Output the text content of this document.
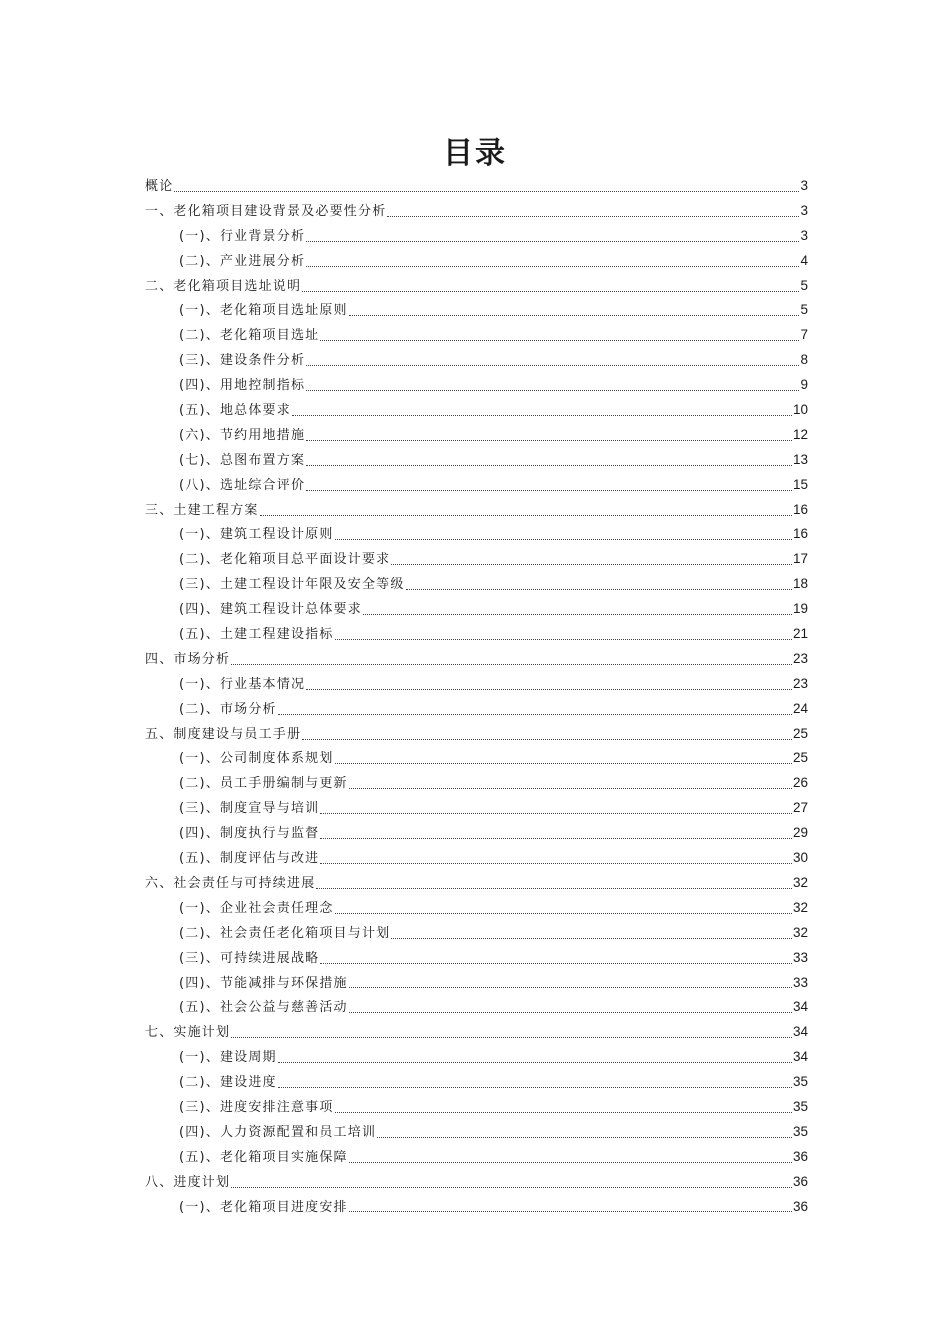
目录
概论	3
一、老化箱项目建设背景及必要性分析	3
(一)、行业背景分析	3
(二)、产业进展分析	4
二、老化箱项目选址说明	5
(一)、老化箱项目选址原则	5
(二)、老化箱项目选址	7
(三)、建设条件分析	8
(四)、用地控制指标	9
(五)、地总体要求	10
(六)、节约用地措施	12
(七)、总图布置方案	13
(八)、选址综合评价	15
三、土建工程方案	16
(一)、建筑工程设计原则	16
(二)、老化箱项目总平面设计要求	17
(三)、土建工程设计年限及安全等级	18
(四)、建筑工程设计总体要求	19
(五)、土建工程建设指标	21
四、市场分析	23
(一)、行业基本情况	23
(二)、市场分析	24
五、制度建设与员工手册	25
(一)、公司制度体系规划	25
(二)、员工手册编制与更新	26
(三)、制度宣导与培训	27
(四)、制度执行与监督	29
(五)、制度评估与改进	30
六、社会责任与可持续进展	32
(一)、企业社会责任理念	32
(二)、社会责任老化箱项目与计划	32
(三)、可持续进展战略	33
(四)、节能减排与环保措施	33
(五)、社会公益与慈善活动	34
七、实施计划	34
(一)、建设周期	34
(二)、建设进度	35
(三)、进度安排注意事项	35
(四)、人力资源配置和员工培训	35
(五)、老化箱项目实施保障	36
八、进度计划	36
(一)、老化箱项目进度安排	36
